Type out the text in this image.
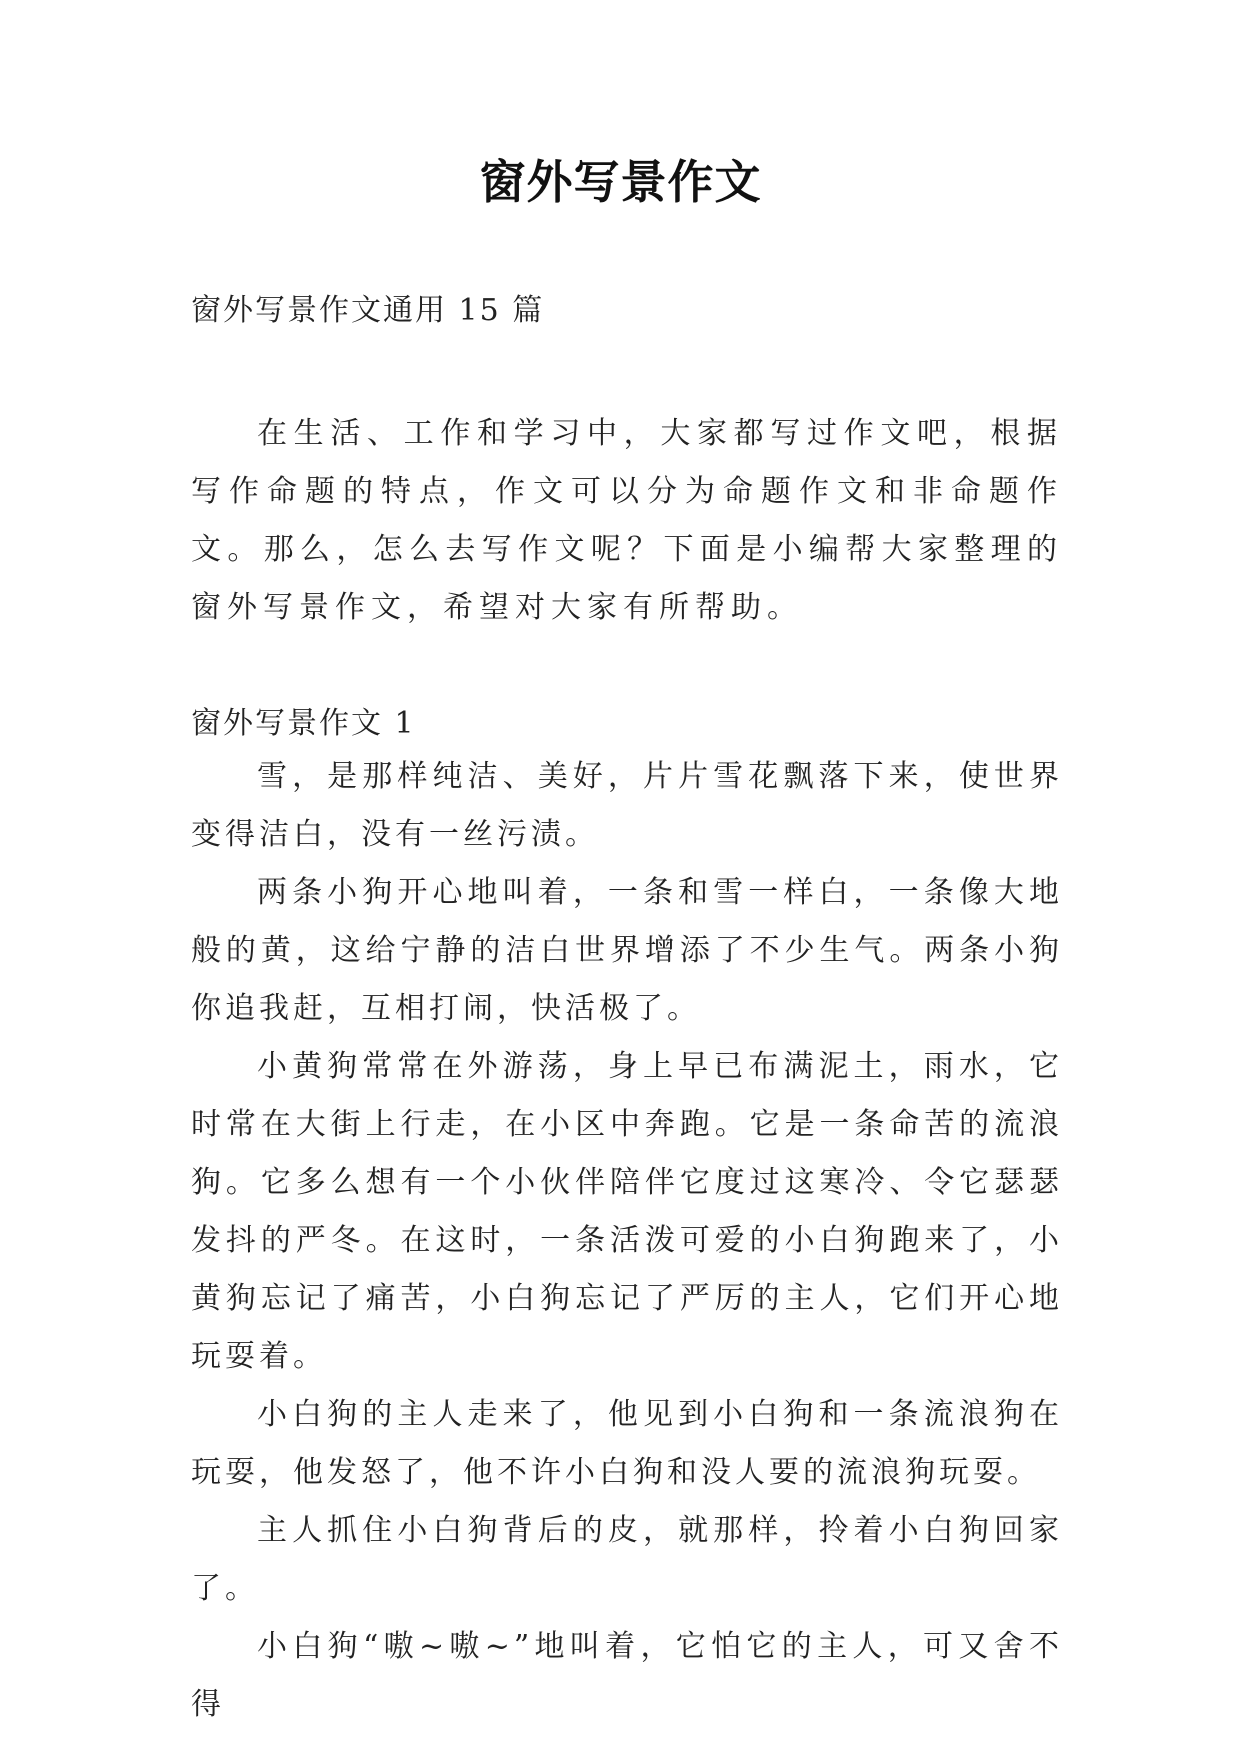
窗外写景作文
窗外写景作文通用 15 篇

在生活、工作和学习中，大家都写过作文吧，根据写作命题的特点，作文可以分为命题作文和非命题作文。那么，怎么去写作文呢？下面是小编帮大家整理的窗外写景作文，希望对大家有所帮助。

窗外写景作文 1

雪，是那样纯洁、美好，片片雪花飘落下来，使世界变得洁白，没有一丝污渍。

两条小狗开心地叫着，一条和雪一样白，一条像大地般的黄，这给宁静的洁白世界增添了不少生气。两条小狗你追我赶，互相打闹，快活极了。

小黄狗常常在外游荡，身上早已布满泥土，雨水，它时常在大街上行走，在小区中奔跑。它是一条命苦的流浪狗。它多么想有一个小伙伴陪伴它度过这寒冷、令它瑟瑟发抖的严冬。在这时，一条活泼可爱的小白狗跑来了，小黄狗忘记了痛苦，小白狗忘记了严厉的主人，它们开心地玩耍着。

小白狗的主人走来了，他见到小白狗和一条流浪狗在玩耍，他发怒了，他不许小白狗和没人要的流浪狗玩耍。

主人抓住小白狗背后的皮，就那样，拎着小白狗回家了。

小白狗“嗷~嗷~”地叫着，它怕它的主人，可又舍不得
